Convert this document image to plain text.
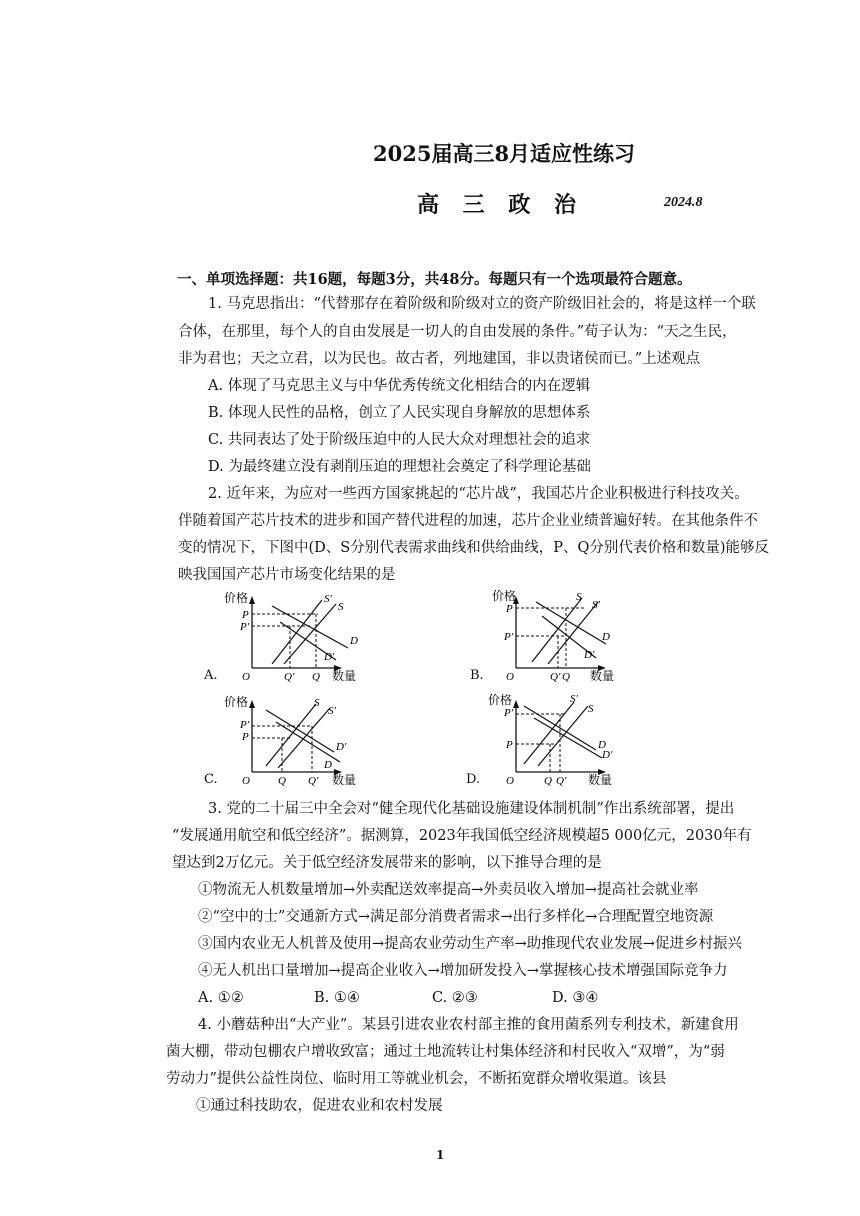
2025届高三8月适应性练习
高 三 政 治	2024.8
一、单项选择题：共16题，每题3分，共48分。每题只有一个选项最符合题意。
1. 马克思指出：“代替那存在着阶级和阶级对立的资产阶级旧社会的，将是这样一个联
合体，在那里，每个人的自由发展是一切人的自由发展的条件。”荀子认为：“天之生民，
非为君也；天之立君，以为民也。故古者，列地建国，非以贵诸侯而已。”上述观点
A. 体现了马克思主义与中华优秀传统文化相结合的内在逻辑
B. 体现人民性的品格，创立了人民实现自身解放的思想体系
C. 共同表达了处于阶级压迫中的人民大众对理想社会的追求
D. 为最终建立没有剥削压迫的理想社会奠定了科学理论基础
2. 近年来，为应对一些西方国家挑起的“芯片战”，我国芯片企业积极进行科技攻关。
伴随着国产芯片技术的进步和国产替代进程的加速，芯片企业业绩普遍好转。在其他条件不
变的情况下，下图中(D、S分别代表需求曲线和供给曲线，P、Q分别代表价格和数量)能够反
映我国国产芯片市场变化结果的是
价格
P
P′
O	Q′ Q 数量
S′
S
D
D′
A.
价格
P
P′
O	Q′ Q 数量
S
S′
D
D′
B.
价格
P′
P
O	Q Q′ 数量
S
S′
D′
D
C.
价格
P′
P
O	Q Q′ 数量
S′
S
D
D′
D.
3. 党的二十届三中全会对“健全现代化基础设施建设体制机制”作出系统部署，提出
“发展通用航空和低空经济”。据测算，2023年我国低空经济规模超5 000亿元，2030年有
望达到2万亿元。关于低空经济发展带来的影响，以下推导合理的是
①物流无人机数量增加→外卖配送效率提高→外卖员收入增加→提高社会就业率
②“空中的士”交通新方式→满足部分消费者需求→出行多样化→合理配置空地资源
③国内农业无人机普及使用→提高农业劳动生产率→助推现代农业发展→促进乡村振兴
④无人机出口量增加→提高企业收入→增加研发投入→掌握核心技术增强国际竞争力
A. ①②	B. ①④	C. ②③	D. ③④
4. 小蘑菇种出“大产业”。某县引进农业农村部主推的食用菌系列专利技术，新建食用
菌大棚，带动包棚农户增收致富；通过土地流转让村集体经济和村民收入“双增”，为“弱
劳动力”提供公益性岗位、临时用工等就业机会，不断拓宽群众增收渠道。该县
①通过科技助农，促进农业和农村发展
1
